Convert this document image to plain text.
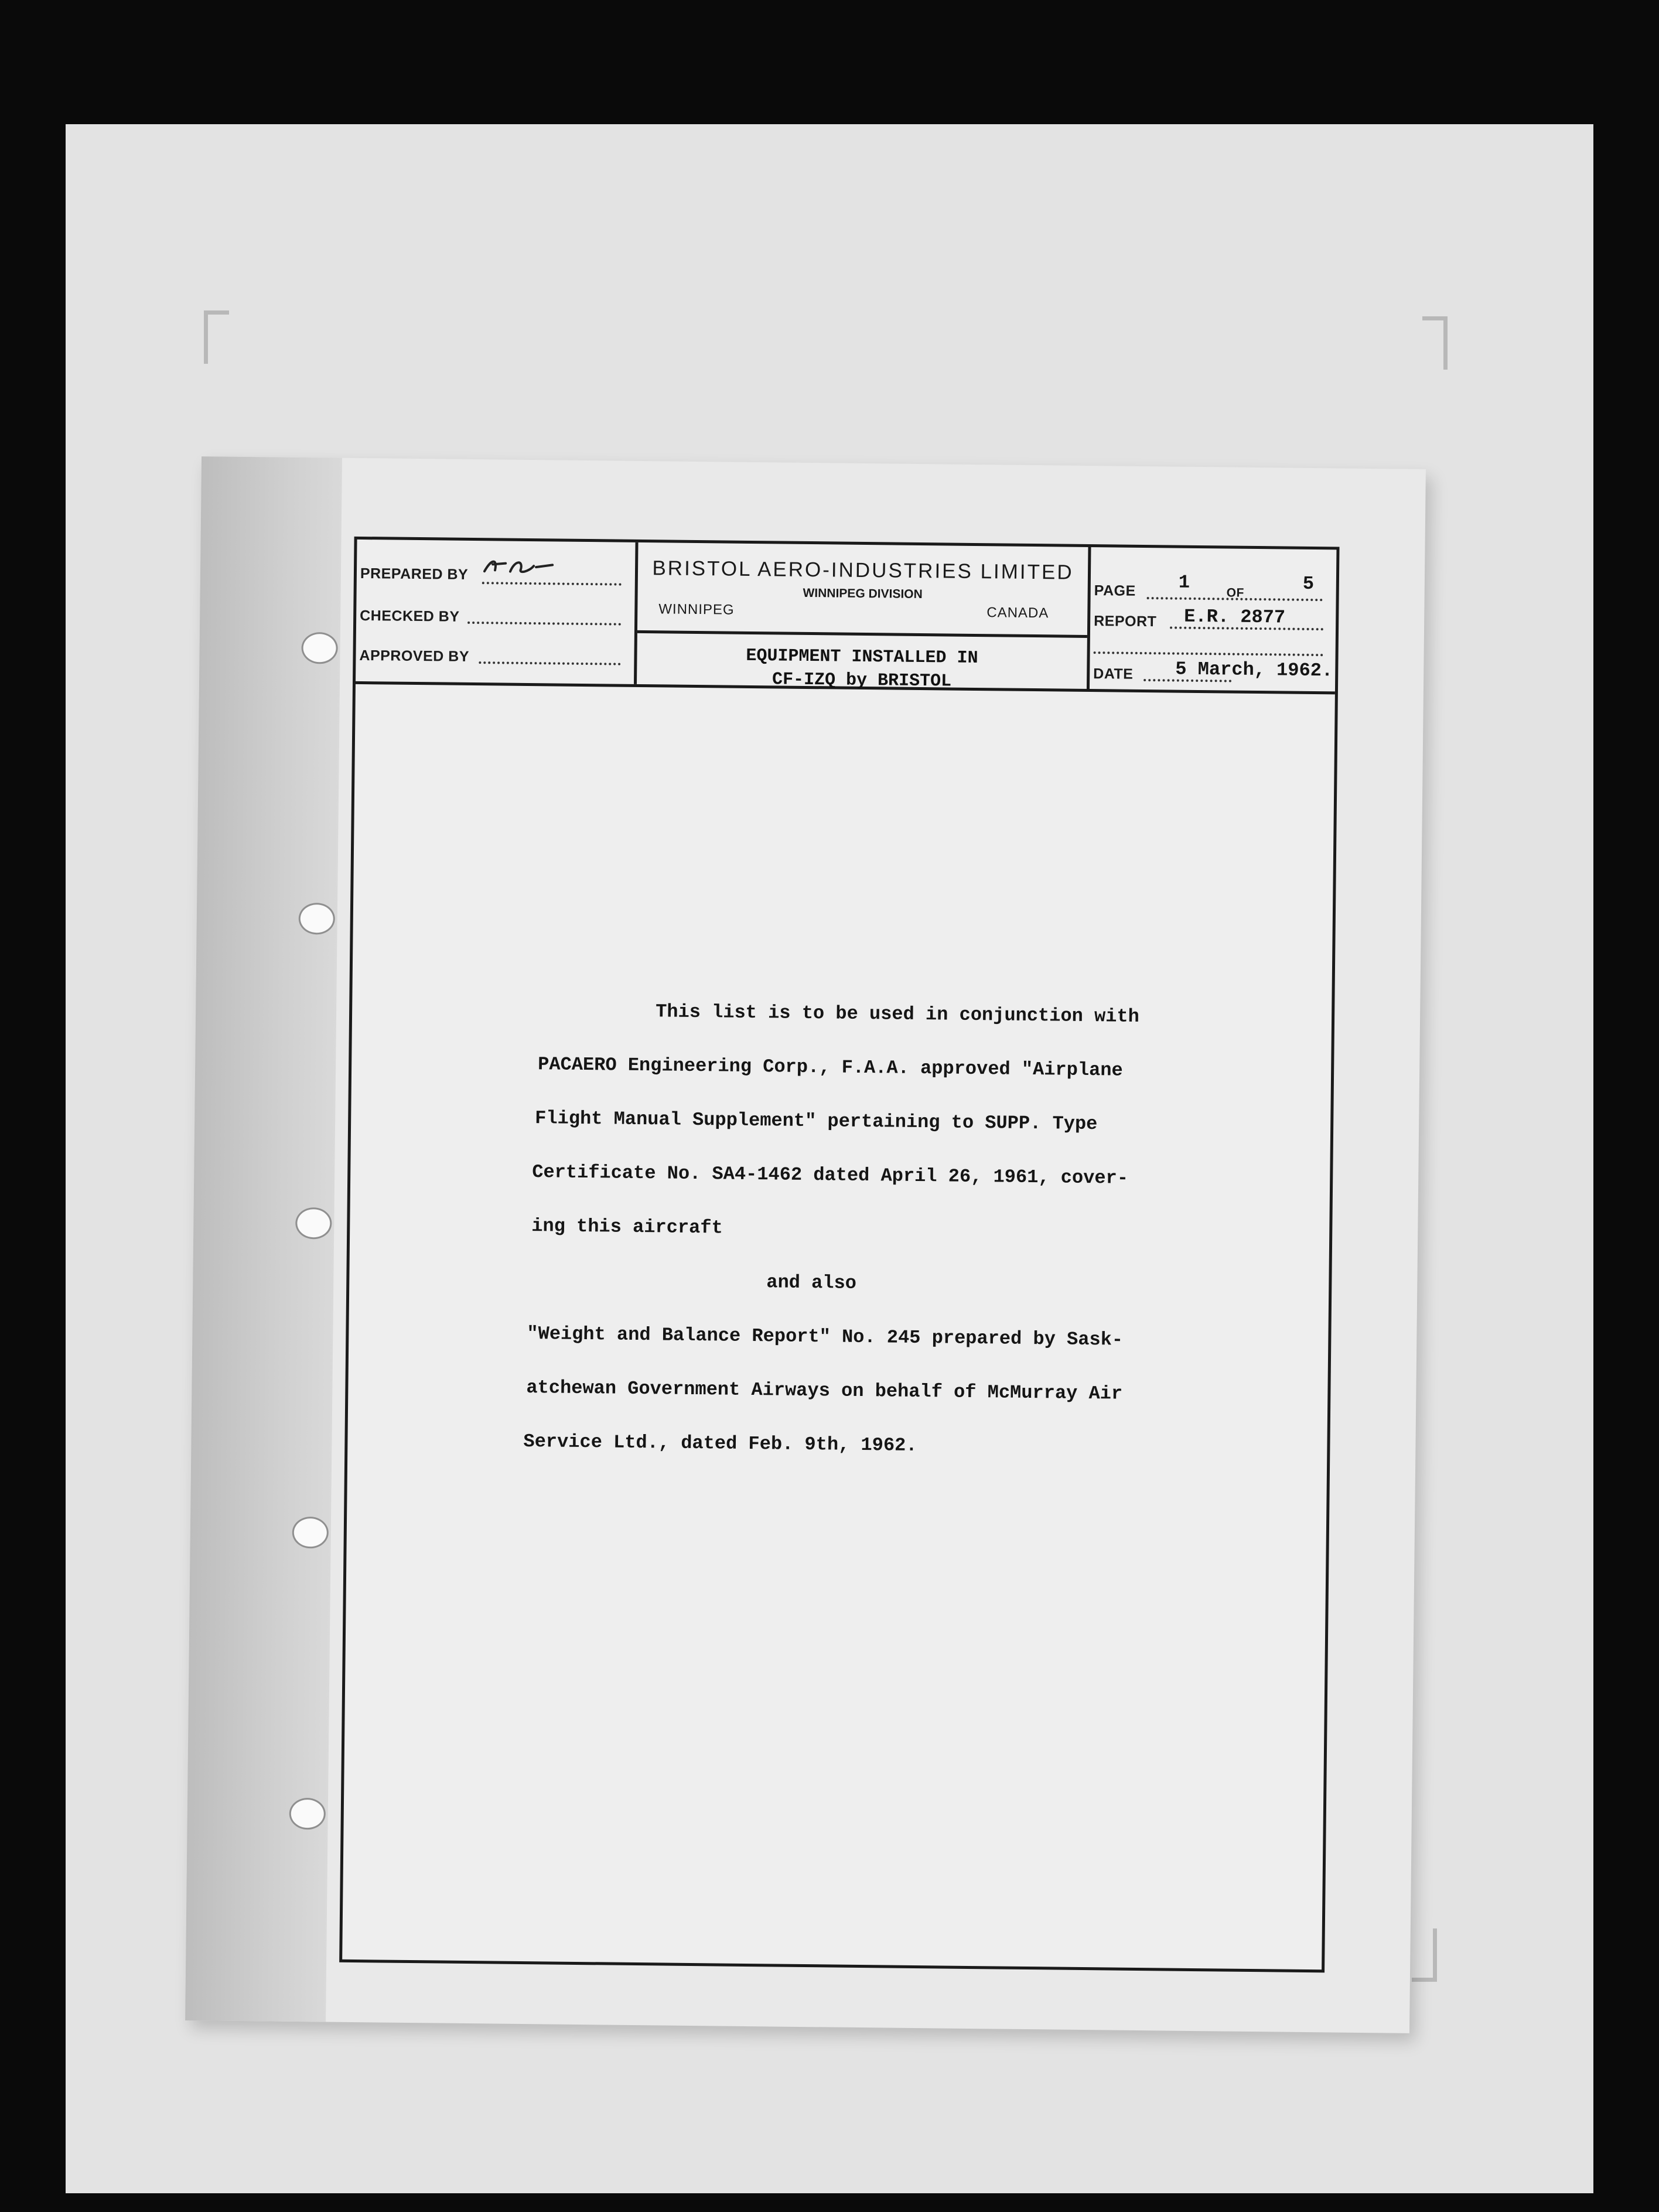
PREPARED BY
CHECKED BY
APPROVED BY
BRISTOL AERO-INDUSTRIES LIMITED
WINNIPEG DIVISION
WINNIPEG	CANADA
EQUIPMENT INSTALLED IN
CF-IZQ by BRISTOL
PAGE 1	OF	5
REPORT E.R. 2877
DATE 5 March, 1962.
This list is to be used in conjunction with
PACAERO Engineering Corp., F.A.A. approved "Airplane
Flight Manual Supplement" pertaining to SUPP. Type
Certificate No. SA4-1462 dated April 26, 1961, cover-
ing this aircraft
and also
"Weight and Balance Report" No. 245 prepared by Sask-
atchewan Government Airways on behalf of McMurray Air
Service Ltd., dated Feb. 9th, 1962.
